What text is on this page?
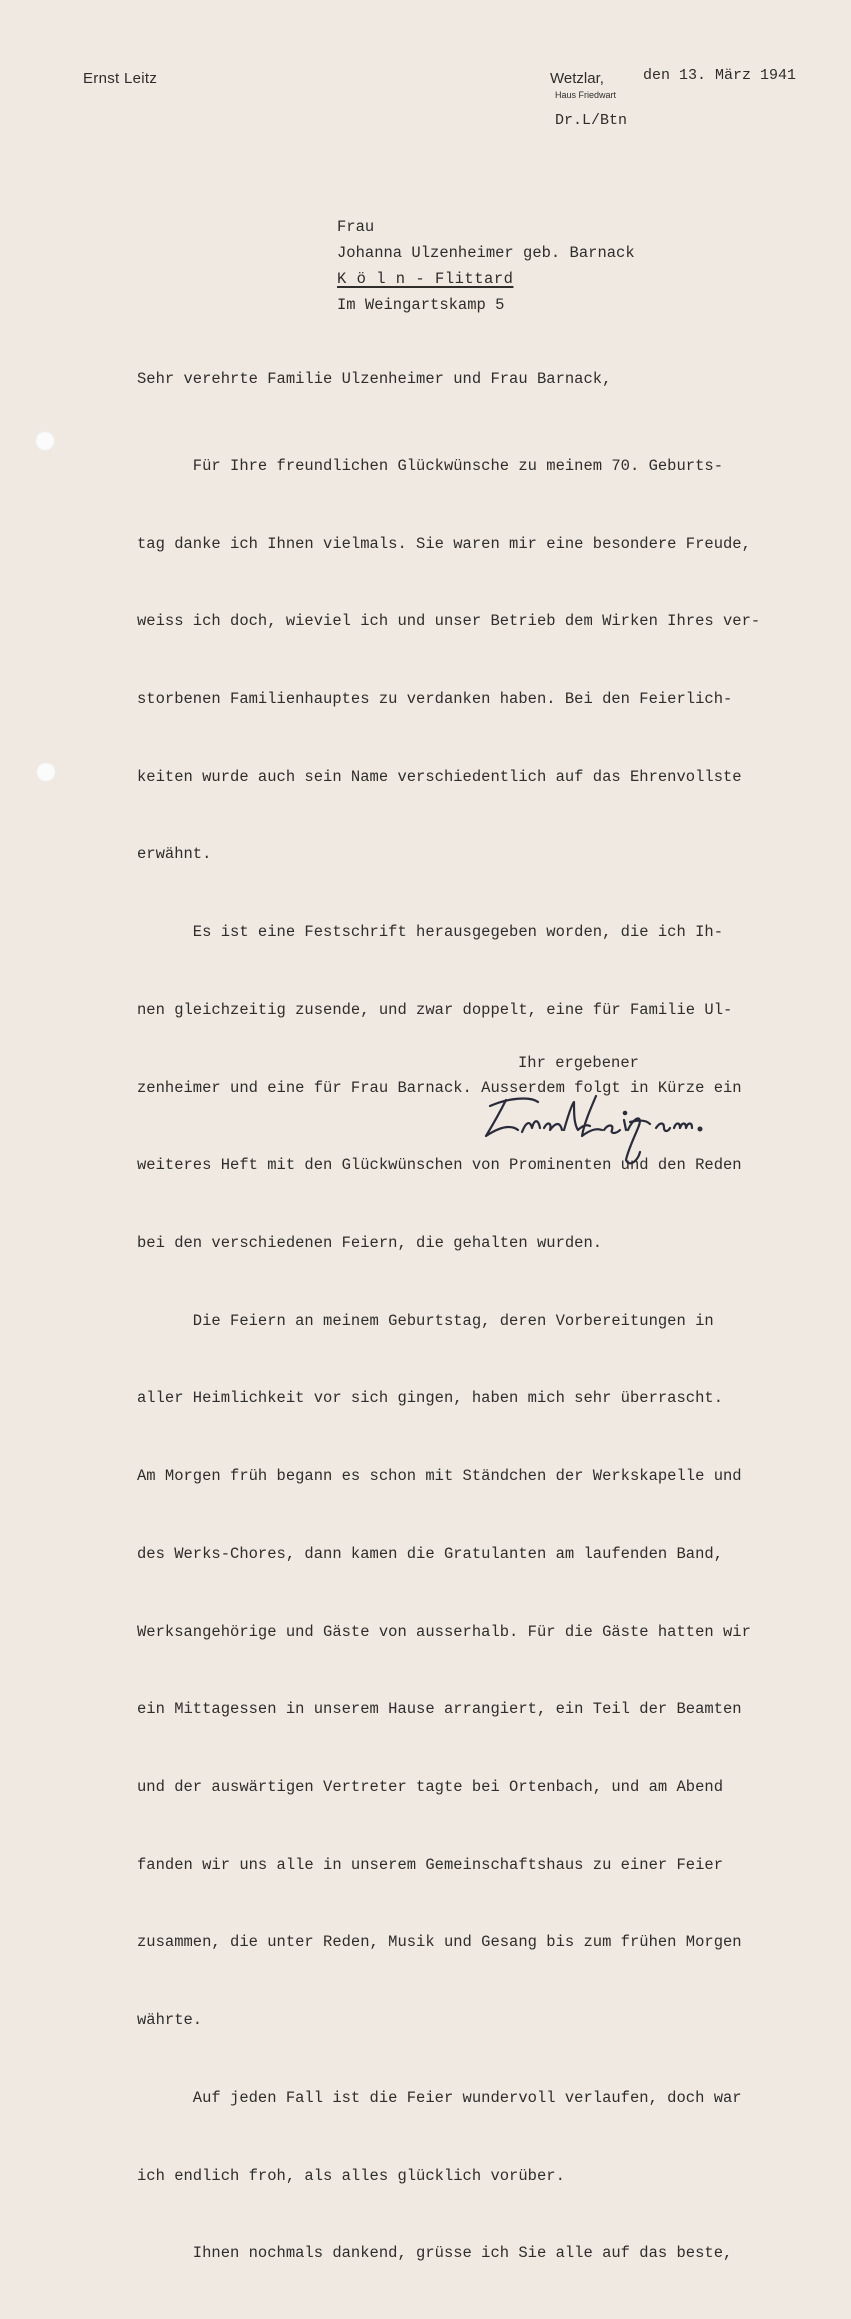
Ernst Leitz	Wetzlar,
Haus Friedwart
den 13. März 1941
Dr.L/Btn
Frau
Johanna Ulzenheimer geb. Barnack
K ö l n - Flittard
Im Weingartskamp 5
Sehr verehrte Familie Ulzenheimer und Frau Barnack,

Für Ihre freundlichen Glückwünsche zu meinem 70. Geburts-

tag danke ich Ihnen vielmals. Sie waren mir eine besondere Freude,

weiss ich doch, wieviel ich und unser Betrieb dem Wirken Ihres ver-

storbenen Familienhauptes zu verdanken haben. Bei den Feierlich-

keiten wurde auch sein Name verschiedentlich auf das Ehrenvollste

erwähnt.

Es ist eine Festschrift herausgegeben worden, die ich Ih-

nen gleichzeitig zusende, und zwar doppelt, eine für Familie Ul-

zenheimer und eine für Frau Barnack. Ausserdem folgt in Kürze ein

weiteres Heft mit den Glückwünschen von Prominenten und den Reden

bei den verschiedenen Feiern, die gehalten wurden.

Die Feiern an meinem Geburtstag, deren Vorbereitungen in

aller Heimlichkeit vor sich gingen, haben mich sehr überrascht.

Am Morgen früh begann es schon mit Ständchen der Werkskapelle und

des Werks-Chores, dann kamen die Gratulanten am laufenden Band,

Werksangehörige und Gäste von ausserhalb. Für die Gäste hatten wir

ein Mittagessen in unserem Hause arrangiert, ein Teil der Beamten

und der auswärtigen Vertreter tagte bei Ortenbach, und am Abend

fanden wir uns alle in unserem Gemeinschaftshaus zu einer Feier

zusammen, die unter Reden, Musik und Gesang bis zum frühen Morgen

währte.

Auf jeden Fall ist die Feier wundervoll verlaufen, doch war

ich endlich froh, als alles glücklich vorüber.

Ihnen nochmals dankend, grüsse ich Sie alle auf das beste,

Ihr ergebener
